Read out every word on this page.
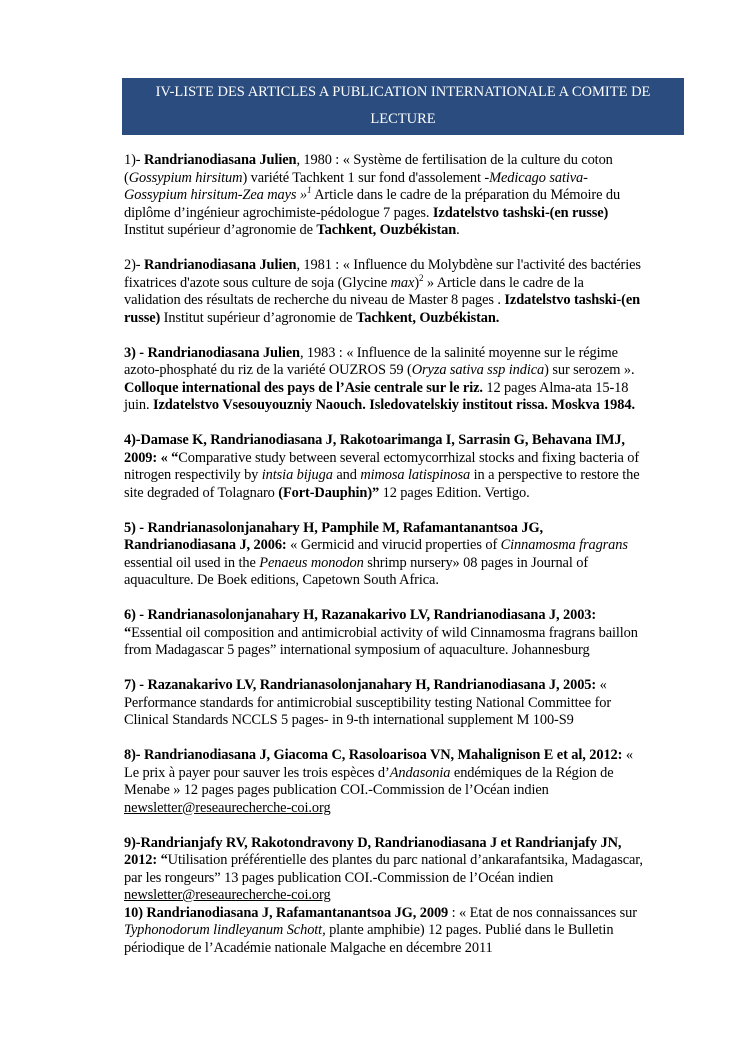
IV-LISTE DES ARTICLES A PUBLICATION INTERNATIONALE A COMITE DE
LECTURE
1)- Randrianodiasana Julien, 1980 : « Système de fertilisation de la culture du coton
(Gossypium hirsitum) variété Tachkent 1 sur fond d'assolement -Medicago sativa-
Gossypium hirsitum-Zea mays »$^1$ Article dans le cadre de la préparation du Mémoire du
diplôme d’ingénieur agrochimiste-pédologue 7 pages. Izdatelstvo tashski-(en russe)
Institut supérieur d’agronomie de Tachkent, Ouzbékistan.
2)- Randrianodiasana Julien, 1981 : « Influence du Molybdène sur l'activité des bactéries
fixatrices d'azote sous culture de soja (Glycine max)$^2$ » Article dans le cadre de la
validation des résultats de recherche du niveau de Master 8 pages . Izdatelstvo tashski-(en
russe) Institut supérieur d’agronomie de Tachkent, Ouzbékistan.
3) - Randrianodiasana Julien, 1983 : « Influence de la salinité moyenne sur le régime
azoto-phosphaté du riz de la variété OUZROS 59 (Oryza sativa ssp indica) sur serozem ».
Colloque international des pays de l’Asie centrale sur le riz. 12 pages Alma-ata 15-18
juin. Izdatelstvo Vsesouyouzniy Naouch. Isledovatelskiy institout rissa. Moskva 1984.
4)-Damase K, Randrianodiasana J, Rakotoarimanga I, Sarrasin G, Behavana IMJ,
2009: « “Comparative study between several ectomycorrhizal stocks and fixing bacteria of
nitrogen respectivily by intsia bijuga and mimosa latispinosa in a perspective to restore the
site degraded of Tolagnaro (Fort-Dauphin)” 12 pages Edition. Vertigo.
5) - Randrianasolonjanahary H, Pamphile M, Rafamantanantsoa JG,
Randrianodiasana J, 2006: « Germicid and virucid properties of Cinnamosma fragrans
essential oil used in the Penaeus monodon shrimp nursery» 08 pages in Journal of
aquaculture. De Boek editions, Capetown South Africa.
6) - Randrianasolonjanahary H, Razanakarivo LV, Randrianodiasana J, 2003:
“Essential oil composition and antimicrobial activity of wild Cinnamosma fragrans baillon
from Madagascar 5 pages” international symposium of aquaculture. Johannesburg
7) - Razanakarivo LV, Randrianasolonjanahary H, Randrianodiasana J, 2005: «
Performance standards for antimicrobial susceptibility testing National Committee for
Clinical Standards NCCLS 5 pages- in 9-th international supplement M 100-S9
8)- Randrianodiasana J, Giacoma C, Rasoloarisoa VN, Mahalignison E et al, 2012: «
Le prix à payer pour sauver les trois espèces d’Andasonia endémiques de la Région de
Menabe » 12 pages pages publication COI.-Commission de l’Océan indien
newsletter@reseaurecherche-coi.org
9)-Randrianjafy RV, Rakotondravony D, Randrianodiasana J et Randrianjafy JN,
2012: “Utilisation préférentielle des plantes du parc national d’ankarafantsika, Madagascar,
par les rongeurs” 13 pages publication COI.-Commission de l’Océan indien
newsletter@reseaurecherche-coi.org
10) Randrianodiasana J, Rafamantanantsoa JG, 2009 : « Etat de nos connaissances sur
Typhonodorum lindleyanum Schott, plante amphibie) 12 pages. Publié dans le Bulletin
périodique de l’Académie nationale Malgache en décembre 2011
